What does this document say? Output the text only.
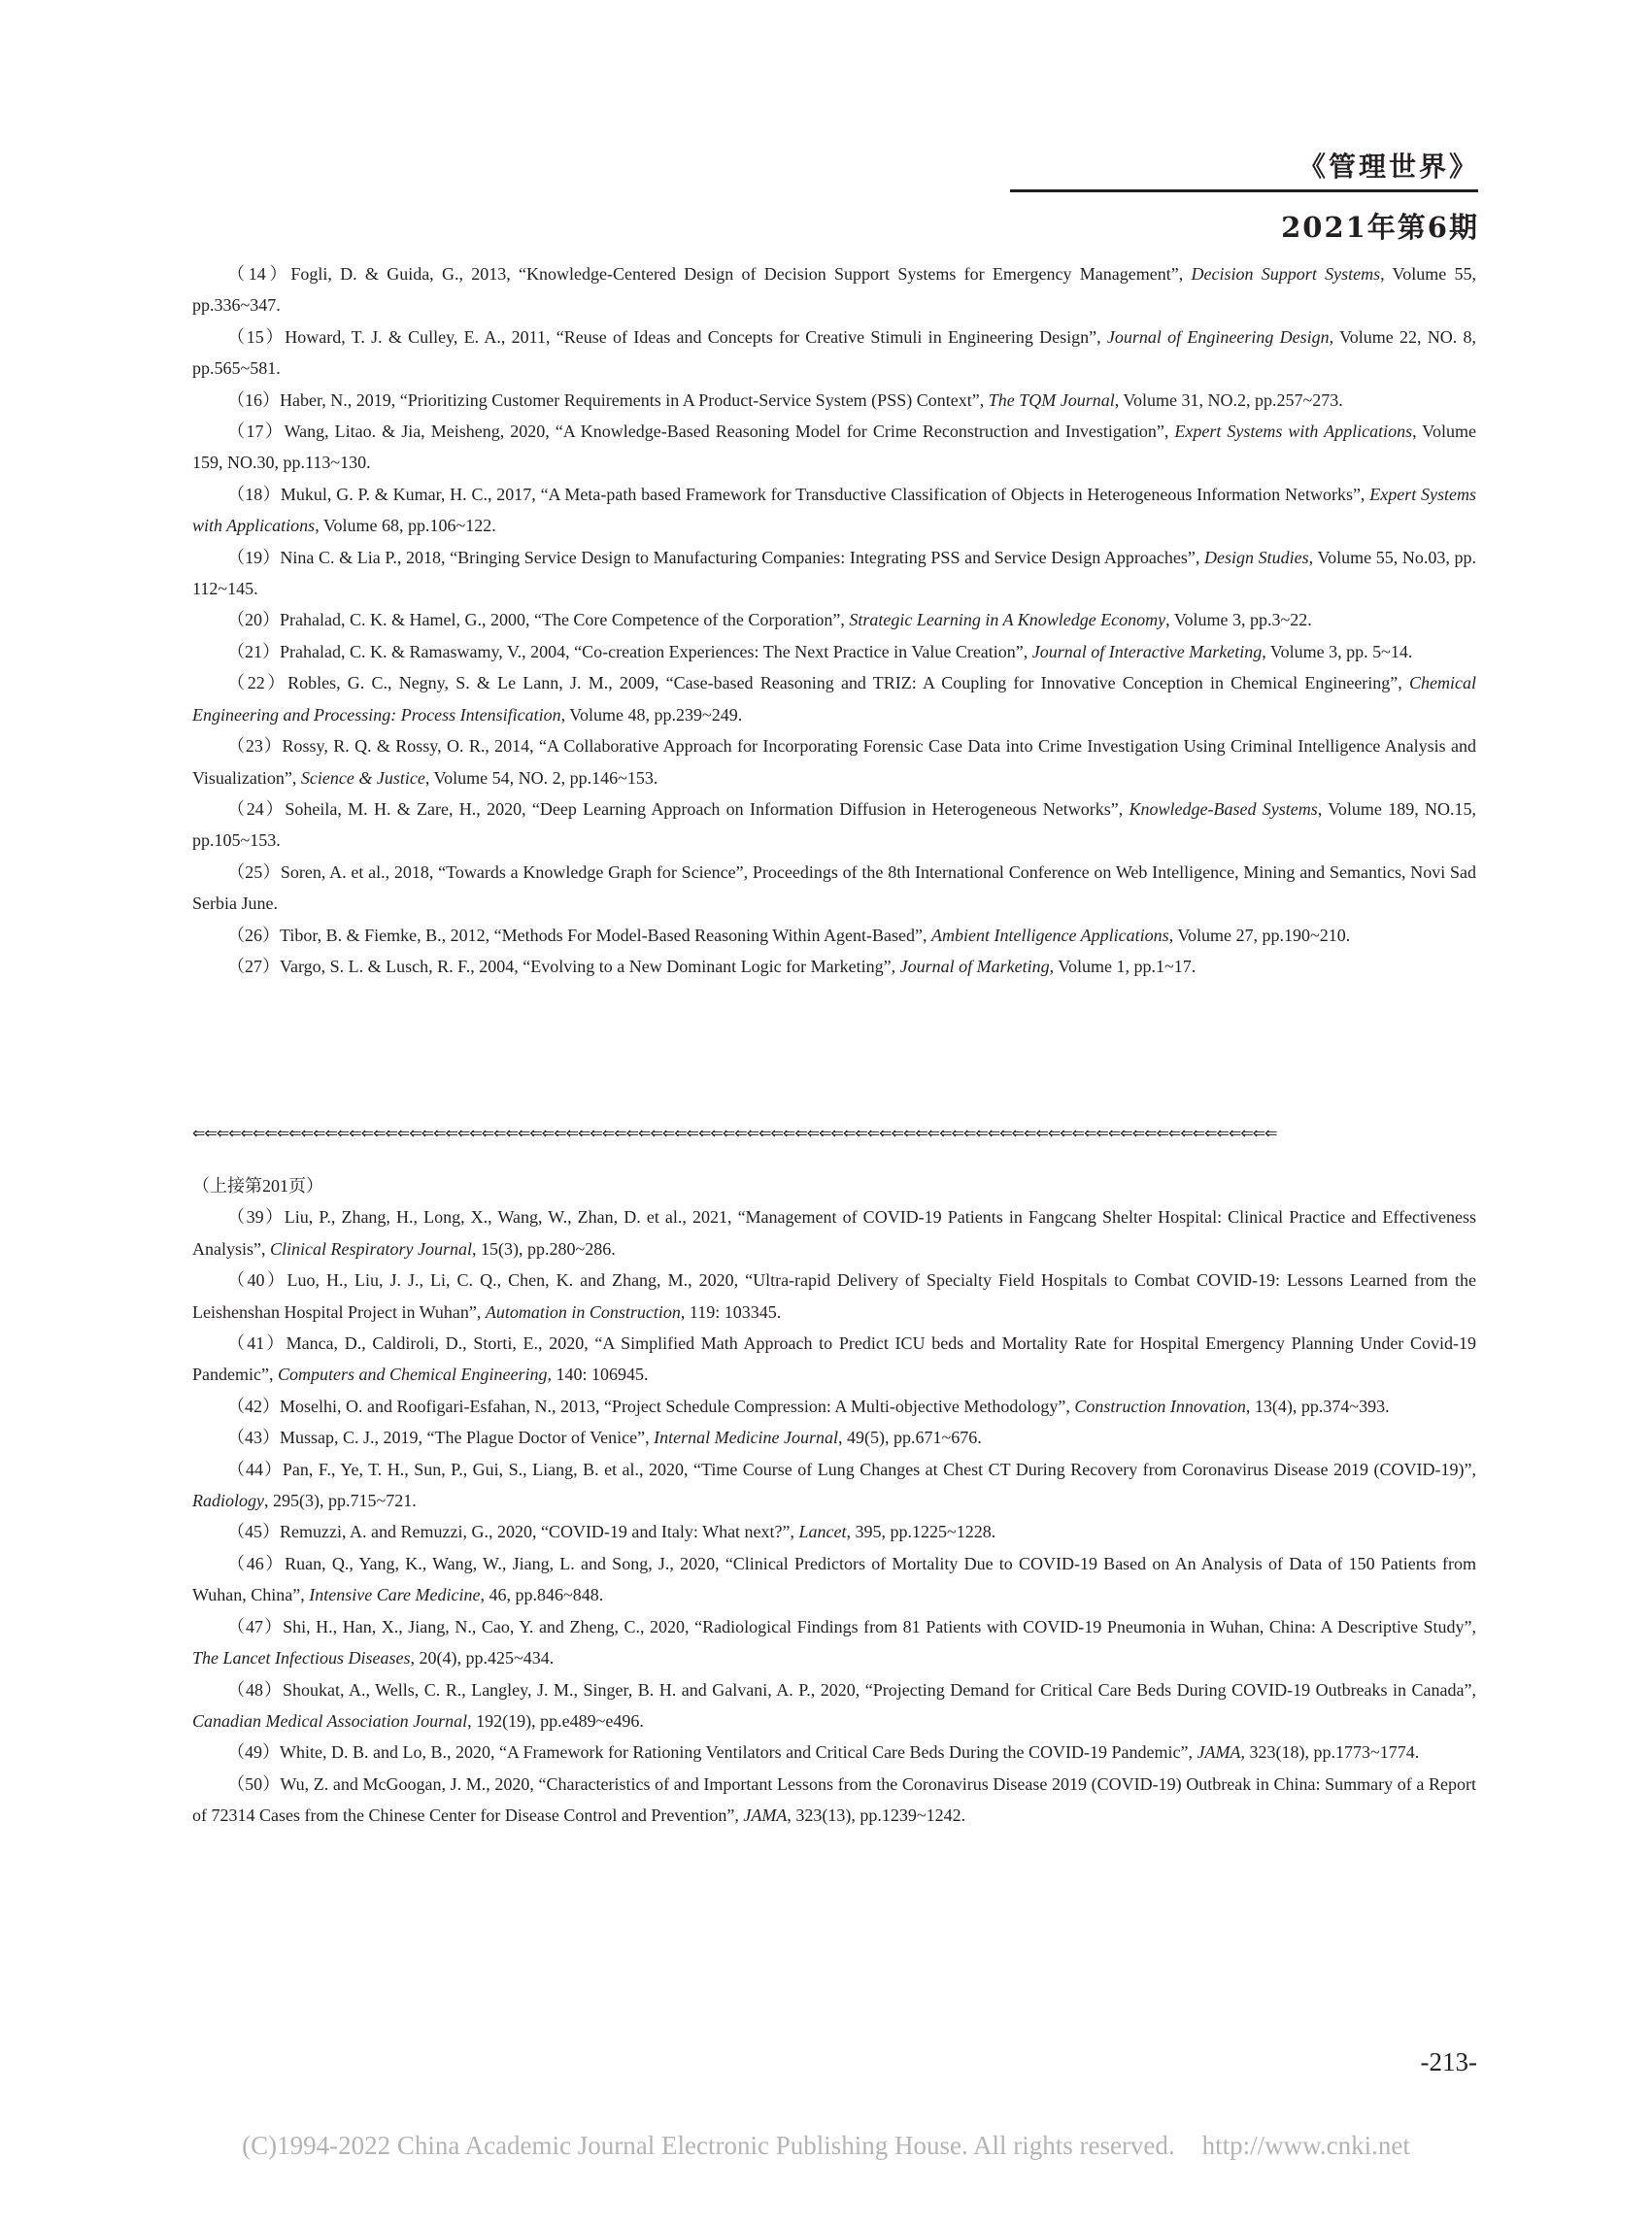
《管理世界》
2021年第6期

（14）Fogli, D. & Guida, G., 2013, “Knowledge-Centered Design of Decision Support Systems for Emergency Management”, Decision Support Systems, Volume 55, pp.336~347.

（15）Howard, T. J. & Culley, E. A., 2011, “Reuse of Ideas and Concepts for Creative Stimuli in Engineering Design”, Journal of Engineering Design, Volume 22, NO. 8, pp.565~581.

（16）Haber, N., 2019, “Prioritizing Customer Requirements in A Product-Service System (PSS) Context”, The TQM Journal, Volume 31, NO.2, pp.257~273.

（17）Wang, Litao. & Jia, Meisheng, 2020, “A Knowledge-Based Reasoning Model for Crime Reconstruction and Investigation”, Expert Systems with Applications, Volume 159, NO.30, pp.113~130.

（18）Mukul, G. P. & Kumar, H. C., 2017, “A Meta-path based Framework for Transductive Classification of Objects in Heterogeneous Information Networks”, Expert Systems with Applications, Volume 68, pp.106~122.

（19）Nina C. & Lia P., 2018, “Bringing Service Design to Manufacturing Companies: Integrating PSS and Service Design Approaches”, Design Studies, Volume 55, No.03, pp. 112~145.

（20）Prahalad, C. K. & Hamel, G., 2000, “The Core Competence of the Corporation”, Strategic Learning in A Knowledge Economy, Volume 3, pp.3~22.

（21）Prahalad, C. K. & Ramaswamy, V., 2004, “Co-creation Experiences: The Next Practice in Value Creation”, Journal of Interactive Marketing, Volume 3, pp. 5~14.

（22）Robles, G. C., Negny, S. & Le Lann, J. M., 2009, “Case-based Reasoning and TRIZ: A Coupling for Innovative Conception in Chemical Engineering”, Chemical Engineering and Processing: Process Intensification, Volume 48, pp.239~249.

（23）Rossy, R. Q. & Rossy, O. R., 2014, “A Collaborative Approach for Incorporating Forensic Case Data into Crime Investigation Using Criminal Intelligence Analysis and Visualization”, Science & Justice, Volume 54, NO. 2, pp.146~153.

（24）Soheila, M. H. & Zare, H., 2020, “Deep Learning Approach on Information Diffusion in Heterogeneous Networks”, Knowledge-Based Systems, Volume 189, NO.15, pp.105~153.

（25）Soren, A. et al., 2018, “Towards a Knowledge Graph for Science”, Proceedings of the 8th International Conference on Web Intelligence, Mining and Semantics, Novi Sad Serbia June.

（26）Tibor, B. & Fiemke, B., 2012, “Methods For Model-Based Reasoning Within Agent-Based”, Ambient Intelligence Applications, Volume 27, pp.190~210.

（27）Vargo, S. L. & Lusch, R. F., 2004, “Evolving to a New Dominant Logic for Marketing”, Journal of Marketing, Volume 1, pp.1~17.

⇐⇐⇐⇐⇐⇐⇐⇐⇐⇐⇐⇐⇐⇐⇐⇐⇐⇐⇐⇐⇐⇐⇐⇐⇐⇐⇐⇐⇐⇐⇐⇐⇐⇐⇐⇐⇐⇐⇐⇐⇐⇐⇐⇐⇐⇐⇐⇐⇐⇐⇐⇐⇐⇐⇐⇐⇐⇐⇐⇐⇐⇐⇐⇐⇐⇐⇐⇐⇐⇐⇐⇐⇐⇐⇐⇐⇐⇐⇐⇐⇐⇐⇐⇐⇐⇐⇐⇐⇐⇐

（上接第201页）

（39）Liu, P., Zhang, H., Long, X., Wang, W., Zhan, D. et al., 2021, “Management of COVID-19 Patients in Fangcang Shelter Hospital: Clinical Practice and Effectiveness Analysis”, Clinical Respiratory Journal, 15(3), pp.280~286.

（40）Luo, H., Liu, J. J., Li, C. Q., Chen, K. and Zhang, M., 2020, “Ultra-rapid Delivery of Specialty Field Hospitals to Combat COVID-19: Lessons Learned from the Leishenshan Hospital Project in Wuhan”, Automation in Construction, 119: 103345.

（41）Manca, D., Caldiroli, D., Storti, E., 2020, “A Simplified Math Approach to Predict ICU beds and Mortality Rate for Hospital Emergency Planning Under Covid-19 Pandemic”, Computers and Chemical Engineering, 140: 106945.

（42）Moselhi, O. and Roofigari-Esfahan, N., 2013, “Project Schedule Compression: A Multi-objective Methodology”, Construction Innovation, 13(4), pp.374~393.

（43）Mussap, C. J., 2019, “The Plague Doctor of Venice”, Internal Medicine Journal, 49(5), pp.671~676.

（44）Pan, F., Ye, T. H., Sun, P., Gui, S., Liang, B. et al., 2020, “Time Course of Lung Changes at Chest CT During Recovery from Coronavirus Disease 2019 (COVID-19)”, Radiology, 295(3), pp.715~721.

（45）Remuzzi, A. and Remuzzi, G., 2020, “COVID-19 and Italy: What next?”, Lancet, 395, pp.1225~1228.

（46）Ruan, Q., Yang, K., Wang, W., Jiang, L. and Song, J., 2020, “Clinical Predictors of Mortality Due to COVID-19 Based on An Analysis of Data of 150 Patients from Wuhan, China”, Intensive Care Medicine, 46, pp.846~848.

（47）Shi, H., Han, X., Jiang, N., Cao, Y. and Zheng, C., 2020, “Radiological Findings from 81 Patients with COVID-19 Pneumonia in Wuhan, China: A Descriptive Study”, The Lancet Infectious Diseases, 20(4), pp.425~434.

（48）Shoukat, A., Wells, C. R., Langley, J. M., Singer, B. H. and Galvani, A. P., 2020, “Projecting Demand for Critical Care Beds During COVID-19 Outbreaks in Canada”, Canadian Medical Association Journal, 192(19), pp.e489~e496.

（49）White, D. B. and Lo, B., 2020, “A Framework for Rationing Ventilators and Critical Care Beds During the COVID-19 Pandemic”, JAMA, 323(18), pp.1773~1774.

（50）Wu, Z. and McGoogan, J. M., 2020, “Characteristics of and Important Lessons from the Coronavirus Disease 2019 (COVID-19) Outbreak in China: Summary of a Report of 72314 Cases from the Chinese Center for Disease Control and Prevention”, JAMA, 323(13), pp.1239~1242.

-213-
(C)1994-2022 China Academic Journal Electronic Publishing House. All rights reserved. http://www.cnki.net
